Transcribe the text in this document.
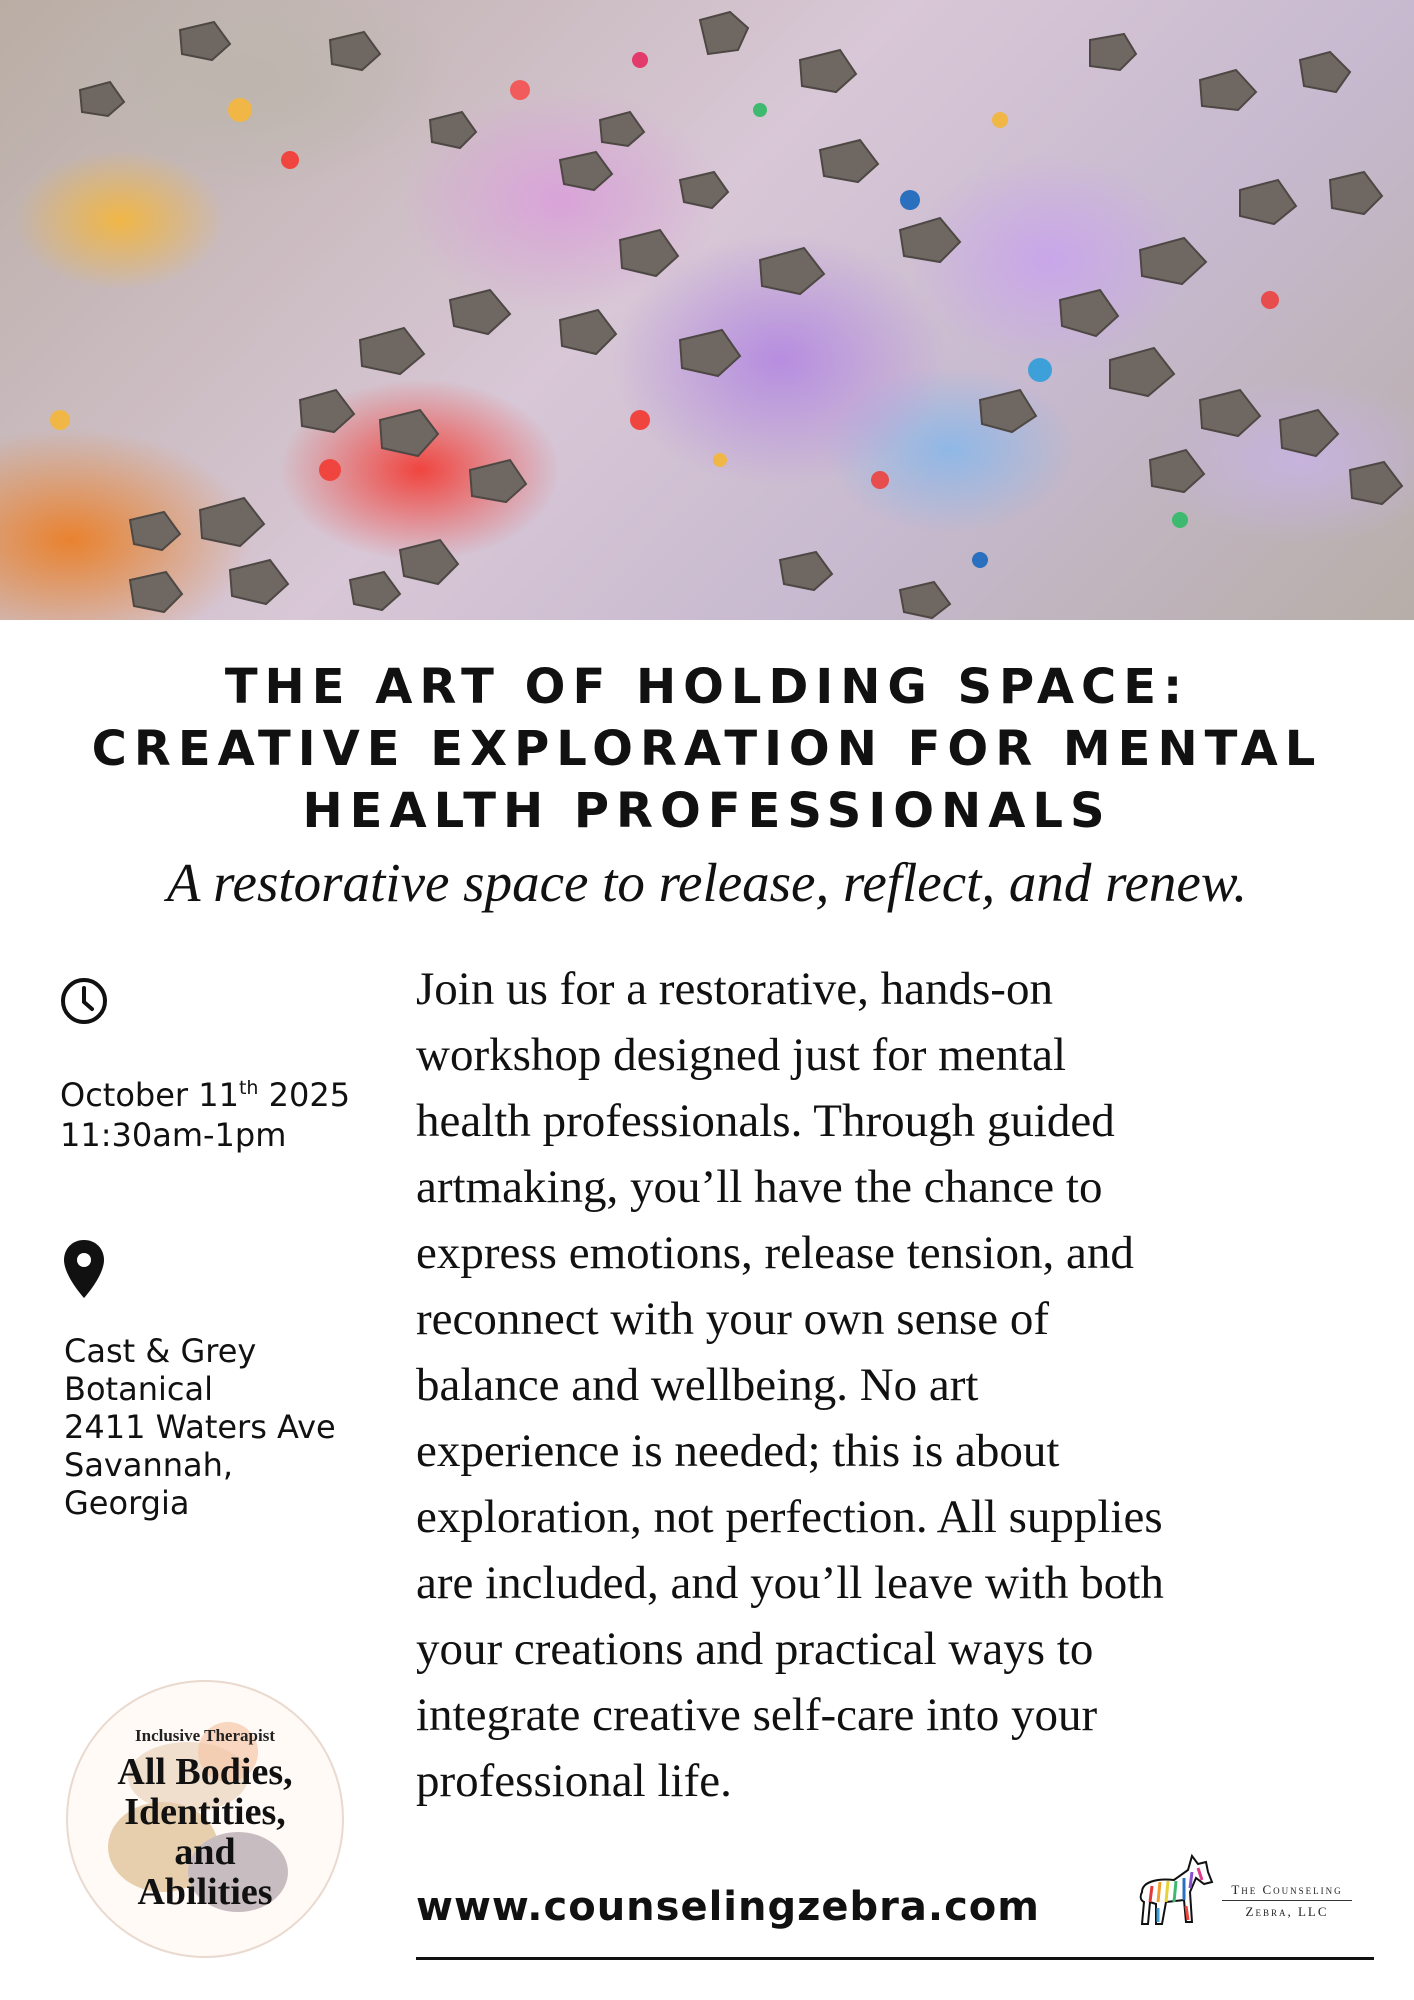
THE ART OF HOLDING SPACE:
CREATIVE EXPLORATION FOR MENTAL
HEALTH PROFESSIONALS

A restorative space to release, reflect, and renew.

October 11th 2025
11:30am-1pm
Cast & Grey
Botanical
2411 Waters Ave
Savannah,
Georgia
Inclusive Therapist
All Bodies,
Identities,
and
Abilities

Join us for a restorative, hands-on
workshop designed just for mental
health professionals. Through guided
artmaking, you’ll have the chance to
express emotions, release tension, and
reconnect with your own sense of
balance and wellbeing. No art
experience is needed; this is about
exploration, not perfection. All supplies
are included, and you’ll leave with both
your creations and practical ways to
integrate creative self-care into your
professional life.

www.counselingzebra.com	The Counseling
Zebra, LLC
